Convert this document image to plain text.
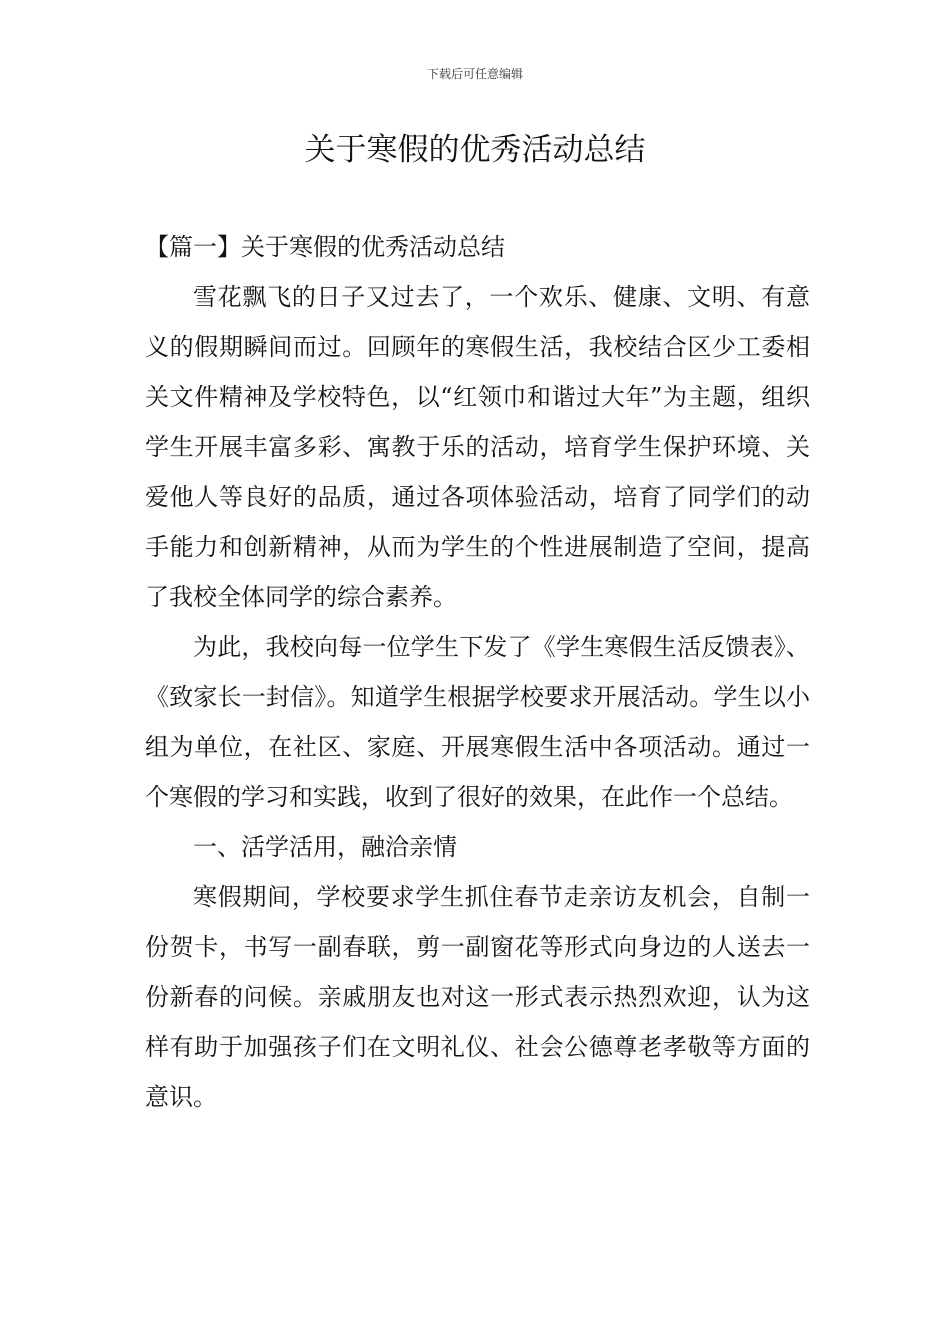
下载后可任意编辑
关于寒假的优秀活动总结

【篇一】关于寒假的优秀活动总结

雪花飘飞的日子又过去了，一个欢乐、健康、文明、有意义的假期瞬间而过。回顾年的寒假生活，我校结合区少工委相关文件精神及学校特色，以“红领巾和谐过大年”为主题，组织学生开展丰富多彩、寓教于乐的活动，培育学生保护环境、关爱他人等良好的品质，通过各项体验活动，培育了同学们的动手能力和创新精神，从而为学生的个性进展制造了空间，提高了我校全体同学的综合素养。

为此，我校向每一位学生下发了《学生寒假生活反馈表》、《致家长一封信》。知道学生根据学校要求开展活动。学生以小组为单位，在社区、家庭、开展寒假生活中各项活动。通过一个寒假的学习和实践，收到了很好的效果，在此作一个总结。

一、活学活用，融洽亲情

寒假期间，学校要求学生抓住春节走亲访友机会，自制一份贺卡，书写一副春联，剪一副窗花等形式向身边的人送去一份新春的问候。亲戚朋友也对这一形式表示热烈欢迎，认为这样有助于加强孩子们在文明礼仪、社会公德尊老孝敬等方面的意识。
